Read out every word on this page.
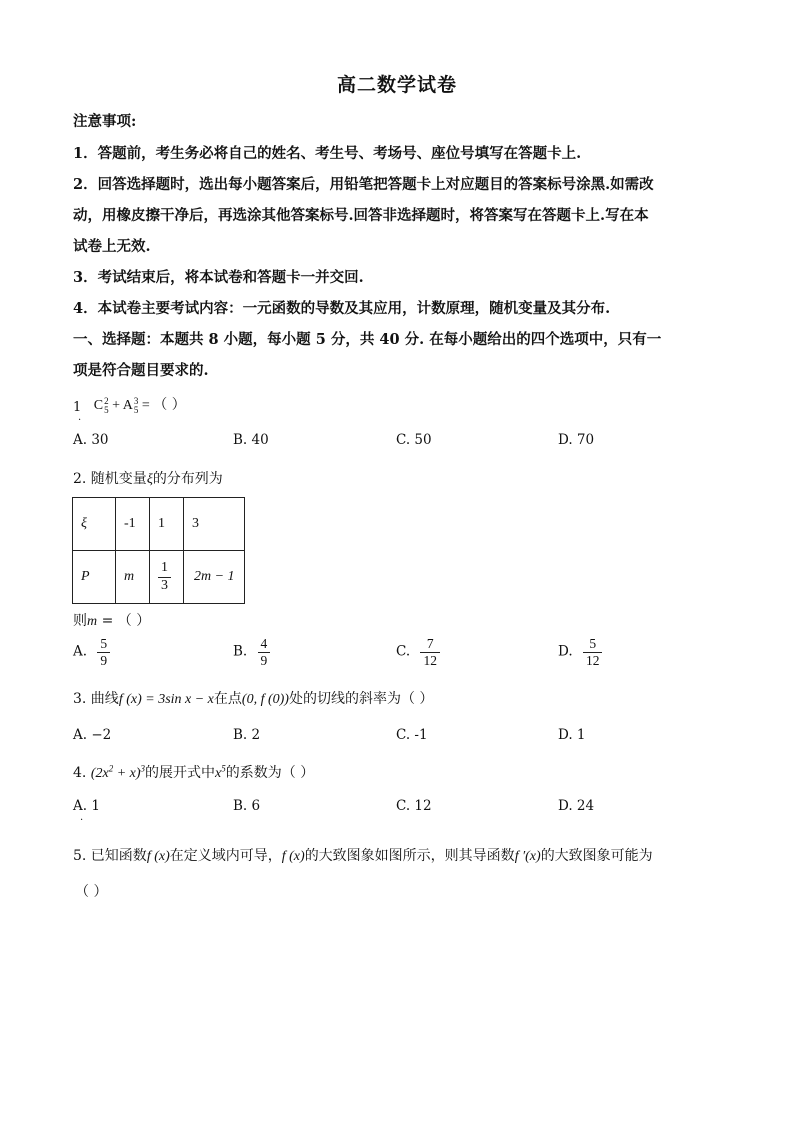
高二数学试卷
注意事项:
1．答题前，考生务必将自己的姓名、考生号、考场号、座位号填写在答题卡上.
2．回答选择题时，选出每小题答案后，用铅笔把答题卡上对应题目的答案标号涂黑.如需改
动，用橡皮擦干净后，再选涂其他答案标号.回答非选择题时，将答案写在答题卡上.写在本
试卷上无效.
3．考试结束后，将本试卷和答题卡一并交回.
4．本试卷主要考试内容：一元函数的导数及其应用，计数原理，随机变量及其分布.
一、选择题：本题共 8 小题，每小题 5 分，共 40 分. 在每小题给出的四个选项中，只有一
项是符合题目要求的.
1 C 2
5 + A 3
5 = （ ）
.
A. 30	B. 40	C. 50	D. 70
2. 随机变量ξ的分布列为
ξ	-1	1	3
P	m	$\frac{1}{3}$	2m − 1
则m = （ ）
A. $\frac{5}{9}$	B. $\frac{4}{9}$	C. $\frac{7}{12}$	D. $\frac{5}{12}$
3. 曲线f (x) = 3sin x − x在点(0, f (0))处的切线的斜率为（ ）
A. −2	B. 2	C. -1	D. 1
4. $(2x^2 + x)^3$的展开式中$x^5$的系数为（ ）
A. 1
.
B. 6	C. 12	D. 24
5. 已知函数f (x)在定义域内可导，f (x)的大致图象如图所示，则其导函数f ′(x)的大致图象可能为
（ ）
